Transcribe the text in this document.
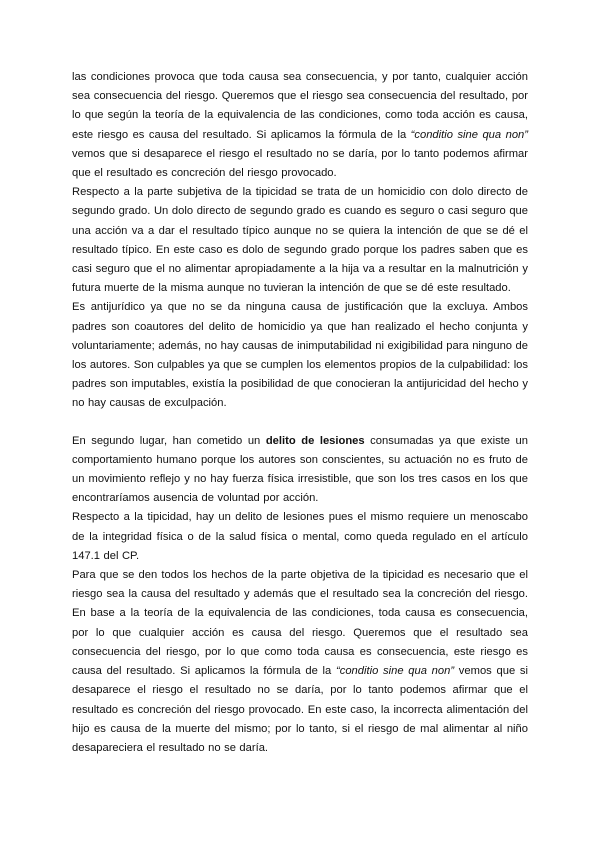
las condiciones provoca que toda causa sea consecuencia, y por tanto, cualquier acción sea consecuencia del riesgo. Queremos que el riesgo sea consecuencia del resultado, por lo que según la teoría de la equivalencia de las condiciones, como toda acción es causa, este riesgo es causa del resultado. Si aplicamos la fórmula de la “conditio sine qua non” vemos que si desaparece el riesgo el resultado no se daría, por lo tanto podemos afirmar que el resultado es concreción del riesgo provocado.

Respecto a la parte subjetiva de la tipicidad se trata de un homicidio con dolo directo de segundo grado. Un dolo directo de segundo grado es cuando es seguro o casi seguro que una acción va a dar el resultado típico aunque no se quiera la intención de que se dé el resultado típico. En este caso es dolo de segundo grado porque los padres saben que es casi seguro que el no alimentar apropiadamente a la hija va a resultar en la malnutrición y futura muerte de la misma aunque no tuvieran la intención de que se dé este resultado.

Es antijurídico ya que no se da ninguna causa de justificación que la excluya. Ambos padres son coautores del delito de homicidio ya que han realizado el hecho conjunta y voluntariamente; además, no hay causas de inimputabilidad ni exigibilidad para ninguno de los autores. Son culpables ya que se cumplen los elementos propios de la culpabilidad: los padres son imputables, existía la posibilidad de que conocieran la antijuricidad del hecho y no hay causas de exculpación.

En segundo lugar, han cometido un delito de lesiones consumadas ya que existe un comportamiento humano porque los autores son conscientes, su actuación no es fruto de un movimiento reflejo y no hay fuerza física irresistible, que son los tres casos en los que encontraríamos ausencia de voluntad por acción.

Respecto a la tipicidad, hay un delito de lesiones pues el mismo requiere un menoscabo de la integridad física o de la salud física o mental, como queda regulado en el artículo 147.1 del CP.

Para que se den todos los hechos de la parte objetiva de la tipicidad es necesario que el riesgo sea la causa del resultado y además que el resultado sea la concreción del riesgo. En base a la teoría de la equivalencia de las condiciones, toda causa es consecuencia, por lo que cualquier acción es causa del riesgo. Queremos que el resultado sea consecuencia del riesgo, por lo que como toda causa es consecuencia, este riesgo es causa del resultado. Si aplicamos la fórmula de la “conditio sine qua non” vemos que si desaparece el riesgo el resultado no se daría, por lo tanto podemos afirmar que el resultado es concreción del riesgo provocado. En este caso, la incorrecta alimentación del hijo es causa de la muerte del mismo; por lo tanto, si el riesgo de mal alimentar al niño desapareciera el resultado no se daría.
